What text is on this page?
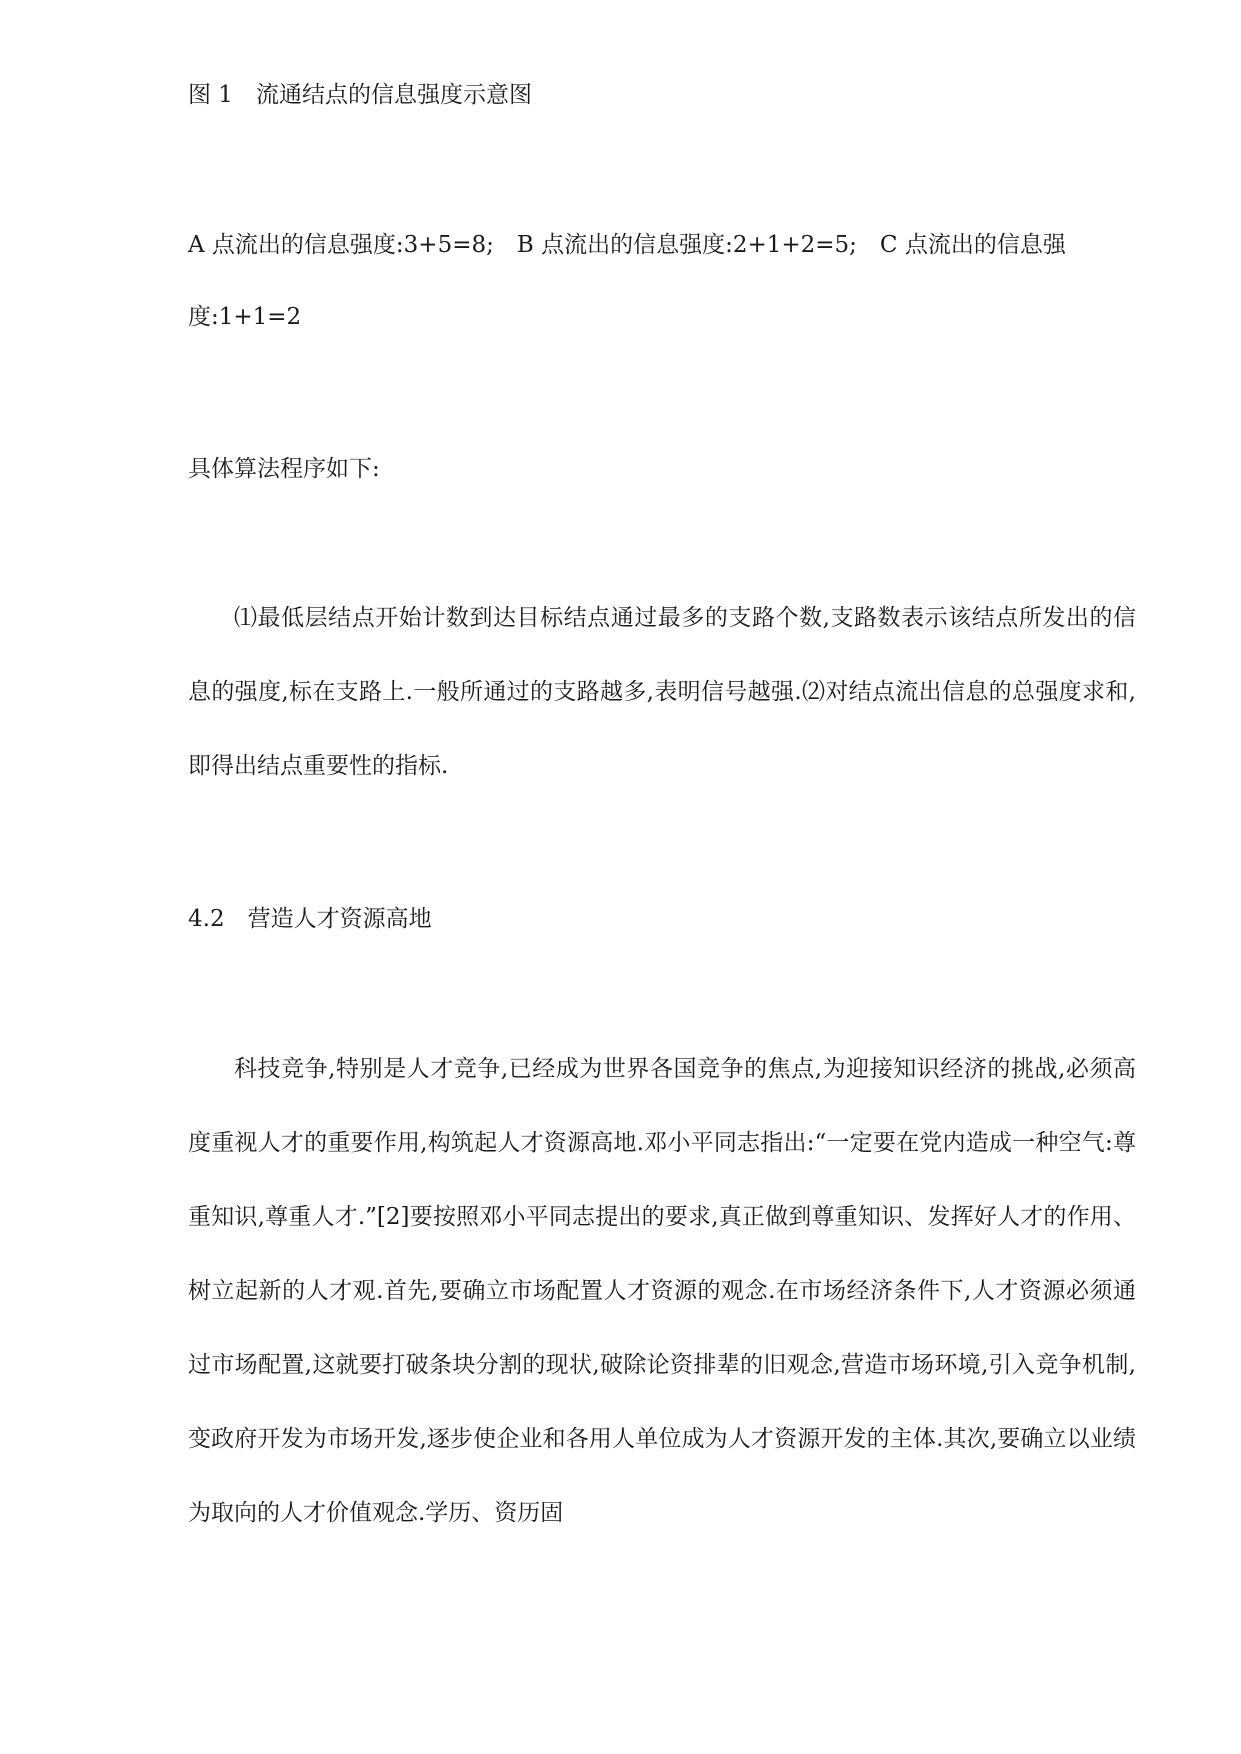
图 1　流通结点的信息强度示意图
A 点流出的信息强度:3+5=8;　B 点流出的信息强度:2+1+2=5;　C 点流出的信息强
度:1+1=2
具体算法程序如下:
⑴最低层结点开始计数到达目标结点通过最多的支路个数,支路数表示该结点所发出的信息的强度,标在支路上.一般所通过的支路越多,表明信号越强.⑵对结点流出信息的总强度求和,即得出结点重要性的指标.
4.2　营造人才资源高地
科技竞争,特别是人才竞争,已经成为世界各国竞争的焦点,为迎接知识经济的挑战,必须高度重视人才的重要作用,构筑起人才资源高地.邓小平同志指出:“一定要在党内造成一种空气:尊重知识,尊重人才.”[2]要按照邓小平同志提出的要求,真正做到尊重知识、发挥好人才的作用、树立起新的人才观.首先,要确立市场配置人才资源的观念.在市场经济条件下,人才资源必须通过市场配置,这就要打破条块分割的现状,破除论资排辈的旧观念,营造市场环境,引入竞争机制,变政府开发为市场开发,逐步使企业和各用人单位成为人才资源开发的主体.其次,要确立以业绩为取向的人才价值观念.学历、资历固
